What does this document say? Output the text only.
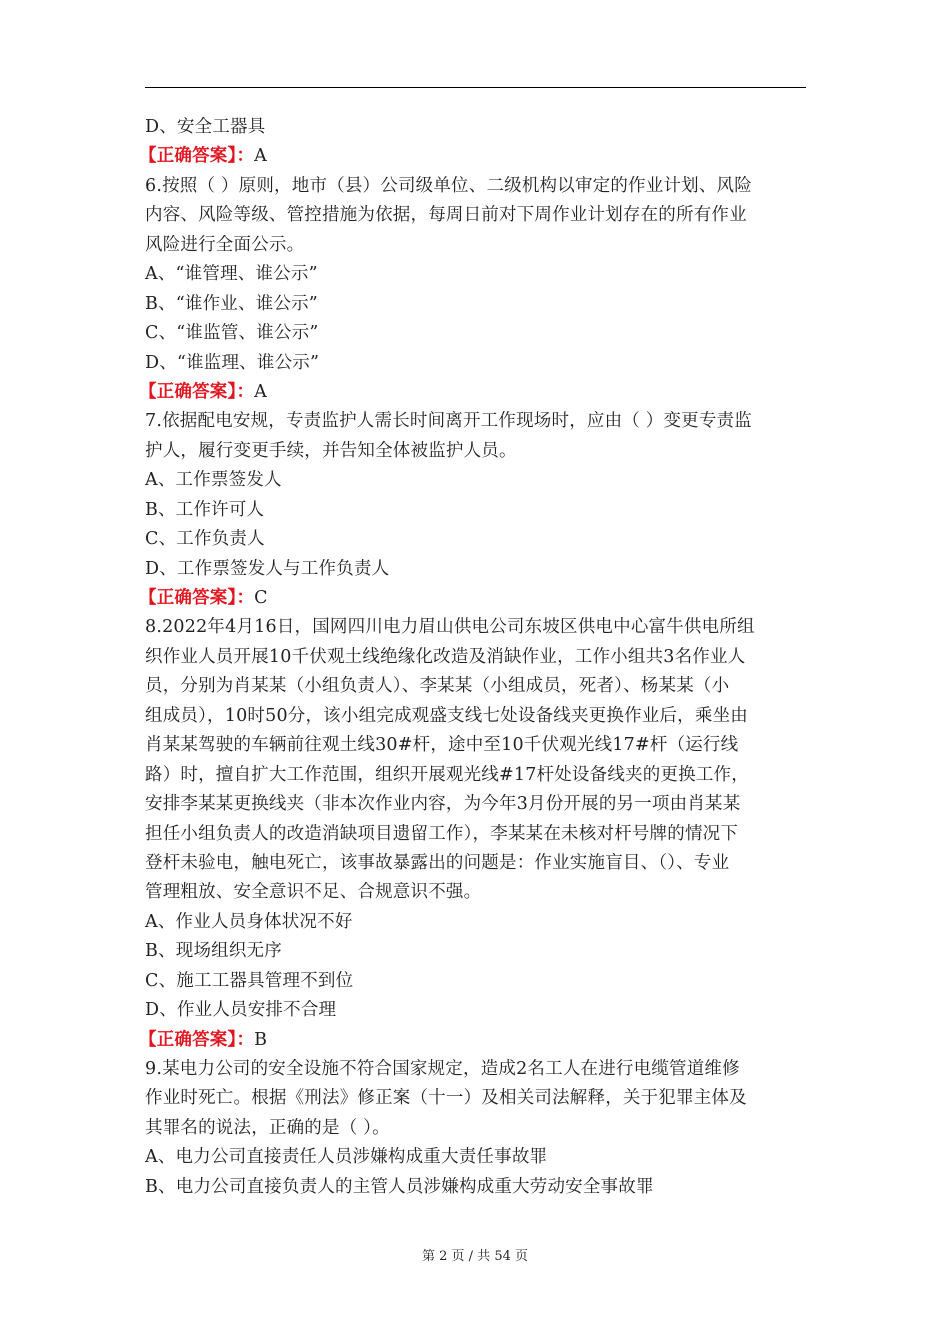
D、安全工器具
【正确答案】：A
6.按照（ ）原则，地市（县）公司级单位、二级机构以审定的作业计划、风险
内容、风险等级、管控措施为依据，每周日前对下周作业计划存在的所有作业
风险进行全面公示。
A、“谁管理、谁公示”
B、“谁作业、谁公示”
C、“谁监管、谁公示”
D、“谁监理、谁公示”
【正确答案】：A
7.依据配电安规，专责监护人需长时间离开工作现场时，应由（ ）变更专责监
护人，履行变更手续，并告知全体被监护人员。
A、工作票签发人
B、工作许可人
C、工作负责人
D、工作票签发人与工作负责人
【正确答案】：C
8.2022年4月16日，国网四川电力眉山供电公司东坡区供电中心富牛供电所组
织作业人员开展10千伏观土线绝缘化改造及消缺作业，工作小组共3名作业人
员，分别为肖某某（小组负责人）、李某某（小组成员，死者）、杨某某（小
组成员），10时50分，该小组完成观盛支线七处设备线夹更换作业后，乘坐由
肖某某驾驶的车辆前往观土线30#杆，途中至10千伏观光线17#杆（运行线
路）时，擅自扩大工作范围，组织开展观光线#17杆处设备线夹的更换工作，
安排李某某更换线夹（非本次作业内容，为今年3月份开展的另一项由肖某某
担任小组负责人的改造消缺项目遗留工作），李某某在未核对杆号牌的情况下
登杆未验电，触电死亡，该事故暴露出的问题是：作业实施盲目、（）、专业
管理粗放、安全意识不足、合规意识不强。
A、作业人员身体状况不好
B、现场组织无序
C、施工工器具管理不到位
D、作业人员安排不合理
【正确答案】：B
9.某电力公司的安全设施不符合国家规定，造成2名工人在进行电缆管道维修
作业时死亡。根据《刑法》修正案（十一）及相关司法解释，关于犯罪主体及
其罪名的说法，正确的是（ ）。
A、电力公司直接责任人员涉嫌构成重大责任事故罪
B、电力公司直接负责人的主管人员涉嫌构成重大劳动安全事故罪
第 2 页 / 共 54 页
